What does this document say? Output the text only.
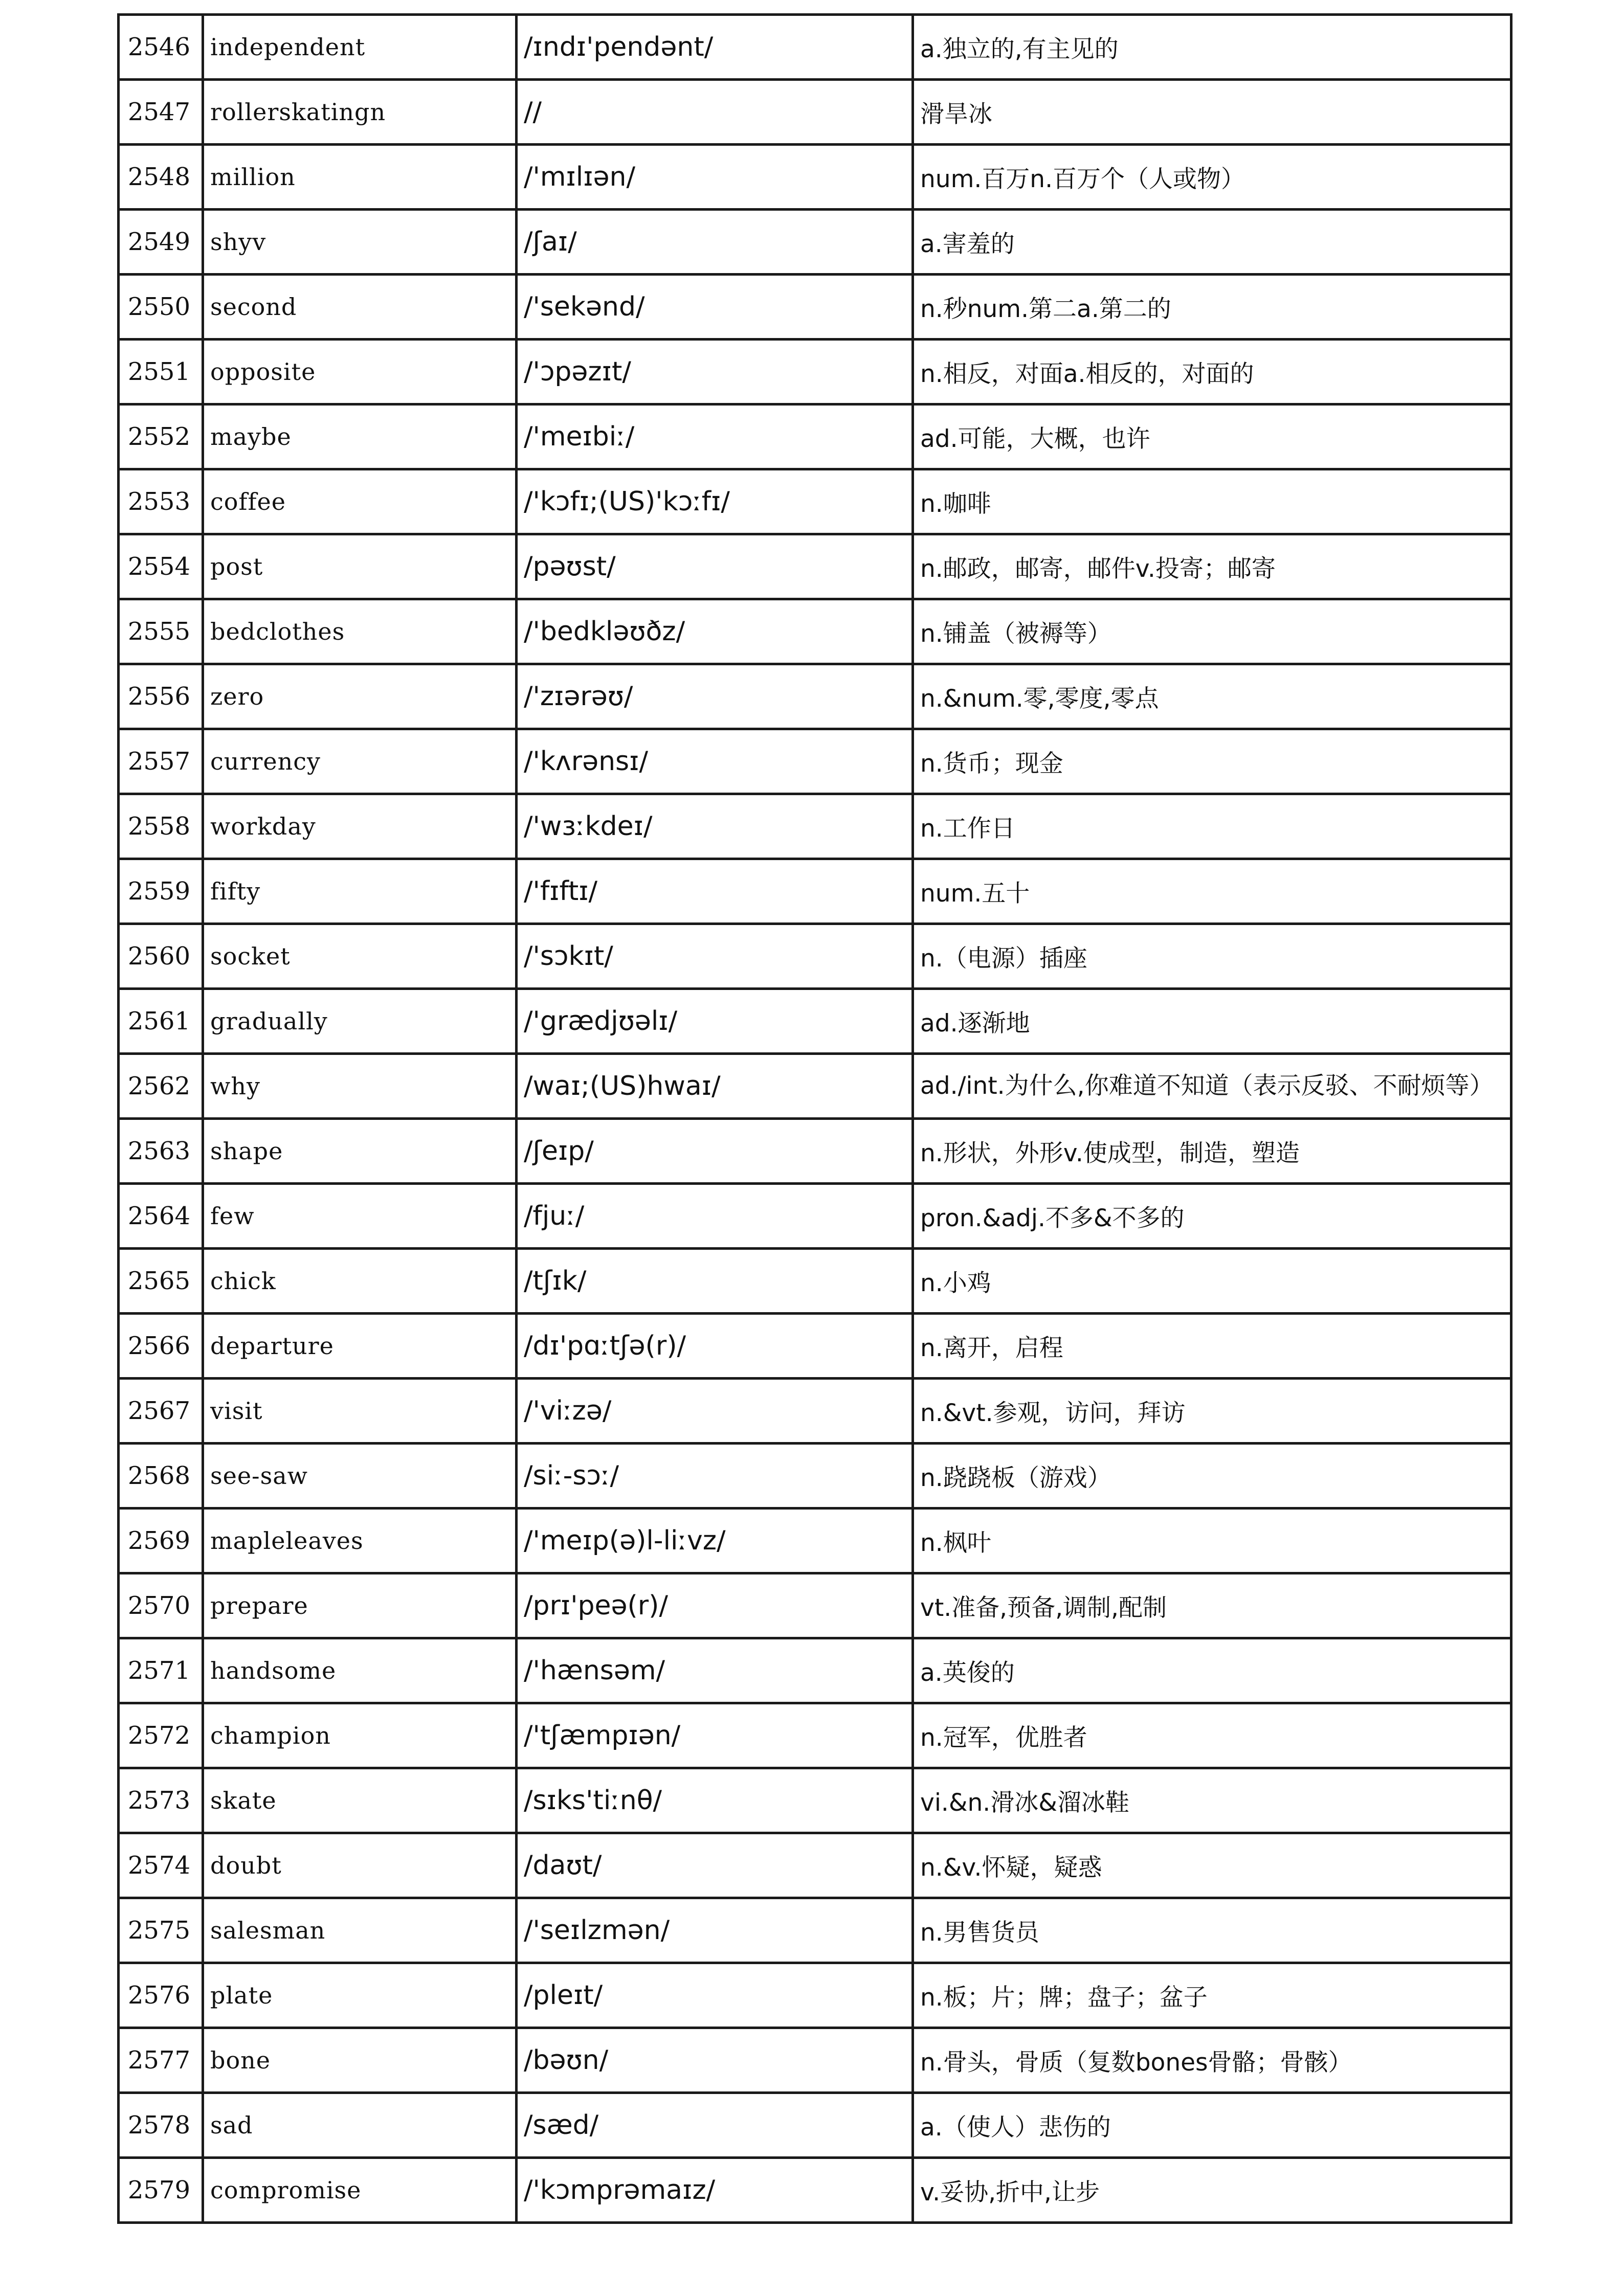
2546	independent	/ɪndɪ'pendənt/	a.独立的,有主见的
2547	rollerskatingn	//	滑旱冰
2548	million	/'mɪlɪən/	num.百万n.百万个（人或物）
2549	shyv	/ʃaɪ/	a.害羞的
2550	second	/'sekənd/	n.秒num.第二a.第二的
2551	opposite	/'ɔpəzɪt/	n.相反，对面a.相反的，对面的
2552	maybe	/'meɪbiː/	ad.可能，大概，也许
2553	coffee	/'kɔfɪ;(US)'kɔːfɪ/	n.咖啡
2554	post	/pəʊst/	n.邮政，邮寄，邮件v.投寄；邮寄
2555	bedclothes	/'bedkləʊðz/	n.铺盖（被褥等）
2556	zero	/'zɪərəʊ/	n.&num.零,零度,零点
2557	currency	/'kʌrənsɪ/	n.货币；现金
2558	workday	/'wɜːkdeɪ/	n.工作日
2559	fifty	/'fɪftɪ/	num.五十
2560	socket	/'sɔkɪt/	n.（电源）插座
2561	gradually	/'grædjʊəlɪ/	ad.逐渐地
2562	why	/waɪ;(US)hwaɪ/	ad./int.为什么,你难道不知道（表示反驳、不耐烦等）
2563	shape	/ʃeɪp/	n.形状，外形v.使成型，制造，塑造
2564	few	/fjuː/	pron.&adj.不多&不多的
2565	chick	/tʃɪk/	n.小鸡
2566	departure	/dɪ'pɑːtʃə(r)/	n.离开，启程
2567	visit	/'viːzə/	n.&vt.参观，访问，拜访
2568	see-saw	/siː-sɔː/	n.跷跷板（游戏）
2569	mapleleaves	/'meɪp(ə)l-liːvz/	n.枫叶
2570	prepare	/prɪ'peə(r)/	vt.准备,预备,调制,配制
2571	handsome	/'hænsəm/	a.英俊的
2572	champion	/'tʃæmpɪən/	n.冠军，优胜者
2573	skate	/sɪks'tiːnθ/	vi.&n.滑冰&溜冰鞋
2574	doubt	/daʊt/	n.&v.怀疑，疑惑
2575	salesman	/'seɪlzmən/	n.男售货员
2576	plate	/pleɪt/	n.板；片；牌；盘子；盆子
2577	bone	/bəʊn/	n.骨头，骨质（复数bones骨骼；骨骸）
2578	sad	/sæd/	a.（使人）悲伤的
2579	compromise	/'kɔmprəmaɪz/	v.妥协,折中,让步
